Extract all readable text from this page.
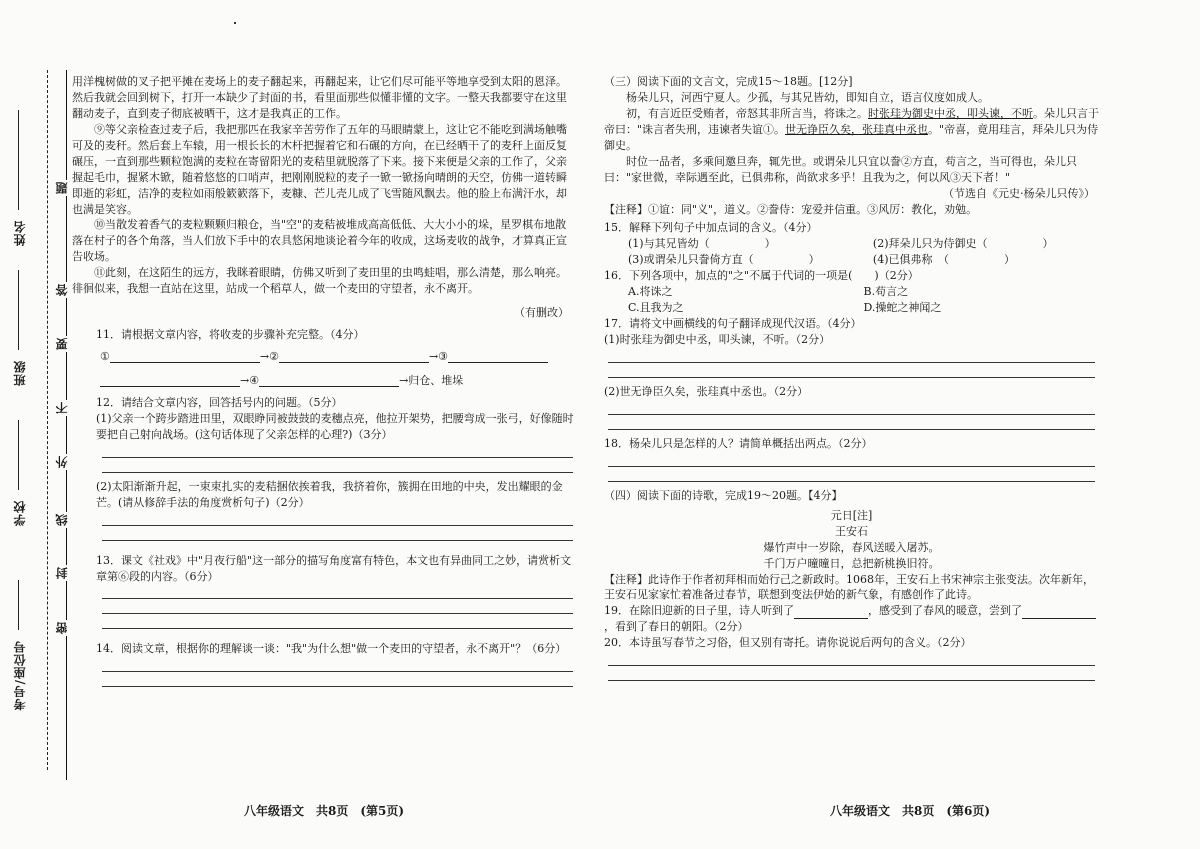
姓名
班级
学校
考号/座位号
题
答
要
不
外
线
封
密

用洋槐树做的叉子把平摊在麦场上的麦子翻起来，再翻起来，让它们尽可能平等地享受到太阳的恩泽。然后我就会回到树下，打开一本缺少了封面的书，看里面那些似懂非懂的文字。一整天我都要守在这里翻动麦子，直到麦子彻底被晒干，这才是我真正的工作。

⑨等父亲检查过麦子后，我把那匹在我家辛苦劳作了五年的马眼睛蒙上，这让它不能吃到满场触嘴可及的麦秆。然后套上车辕，用一根长长的木杆把握着它和石碾的方向，在已经晒干了的麦秆上面反复碾压，一直到那些颗粒饱满的麦粒在寄留阳光的麦秸里就脱落了下来。接下来便是父亲的工作了，父亲握起毛巾，握紧木锨，随着悠悠的口哨声，把刚刚脱粒的麦子一锨一锨扬向晴朗的天空，仿佛一道转瞬即逝的彩虹，洁净的麦粒如雨般簌簌落下，麦糠、芒儿壳儿成了飞雪随风飘去。他的脸上布满汗水，却也满是笑容。

⑩当散发着香气的麦粒颗颗归粮仓，当"空"的麦秸被堆成高高低低、大大小小的垛，星罗棋布地散落在村子的各个角落，当人们放下手中的农具悠闲地谈论着今年的收成，这场麦收的战争，才算真正宣告收场。

⑪此刻，在这陌生的远方，我眯着眼睛，仿佛又听到了麦田里的虫鸣蛙唱，那么清楚，那么响亮。徘徊似来，我想一直站在这里，站成一个稻草人，做一个麦田的守望者，永不离开。

（有删改）

11．请根据文章内容，将收麦的步骤补充完整。（4分）

①	→②	→③
→④	→归仓、堆垛

12．请结合文章内容，回答括号内的问题。（5分）

(1)父亲一个跨步踏进田里，双眼睁同被鼓鼓的麦穗点亮，他拉开架势，把腰弯成一张弓，好像随时要把自己射向战场。(这句话体现了父亲怎样的心理?)（3分）

(2)太阳渐渐升起，一束束扎实的麦秸捆依挨着我，我挤着你，簇拥在田地的中央，发出耀眼的金芒。(请从修辞手法的角度赏析句子)（2分）

13．课文《社戏》中"月夜行船"这一部分的描写角度富有特色，本文也有异曲同工之妙，请赏析文章第⑥段的内容。（6分）

14．阅读文章，根据你的理解谈一谈："我"为什么想"做一个麦田的守望者，永不离开"？（6分）

八年级语文　共8页　(第5页)

（三）阅读下面的文言文，完成15～18题。[12分]

杨朵儿只，河西宁夏人。少孤，与其兄皆幼，即知自立，语言仪度如成人。

初，有言近臣受贿者，帝怒其非所言当，将诛之。时张珪为御史中丞，叩头谏，不听。朵儿只言于帝曰："诛言者失刑，违谏者失谊①。世无诤臣久矣，张珪真中丞也。"帝喜，竟用珪言，拜朵儿只为侍御史。

时位一品者，多乘间邀旦奔，辄先世。或谓朵儿只宜以誊②方直，苟言之，当可得也，朵儿只曰："家世微，幸际遇至此，已俱弗称，尚欲求多乎！且我为之，何以风③天下者！"

（节选自《元史·杨朵儿只传》）

【注释】①谊：同"义"，道义。②誊侍：宠爱并信重。③风厉：教化，劝勉。

15．解释下列句子中加点词的含义。（4分）

(1)与其兄皆幼（　　　　　）	(2)拜朵儿只为侍御史（　　　　　）
(3)或谓朵儿只誊倚方直（　　　　　）	(4)已俱弗称　（　　　　　）

16．下列各项中，加点的"之"不属于代词的一项是(　　)（2分）

A.将诛之	B.苟言之
C.且我为之	D.操蛇之神闻之

17．请将文中画横线的句子翻译成现代汉语。（4分）

(1)时张珪为御史中丞，叩头谏，不听。（2分）

(2)世无诤臣久矣，张珪真中丞也。（2分）

18．杨朵儿只是怎样的人？请简单概括出两点。（2分）

（四）阅读下面的诗歌，完成19～20题。【4分】

元日[注]

王安石

爆竹声中一岁除，春风送暖入屠苏。

千门万户曈曈日，总把新桃换旧符。

【注释】此诗作于作者初拜相而始行己之新政时。1068年，王安石上书宋神宗主张变法。次年新年，王安石见家家忙着准备过春节，联想到变法伊始的新气象，有感创作了此诗。

19．在除旧迎新的日子里，诗人听到了	，感受到了春风的暖意，尝到了，看到了春日的朝阳。（2分）

20．本诗虽写春节之习俗，但又别有寄托。请你说说后两句的含义。（2分）

八年级语文　共8页　(第6页)
